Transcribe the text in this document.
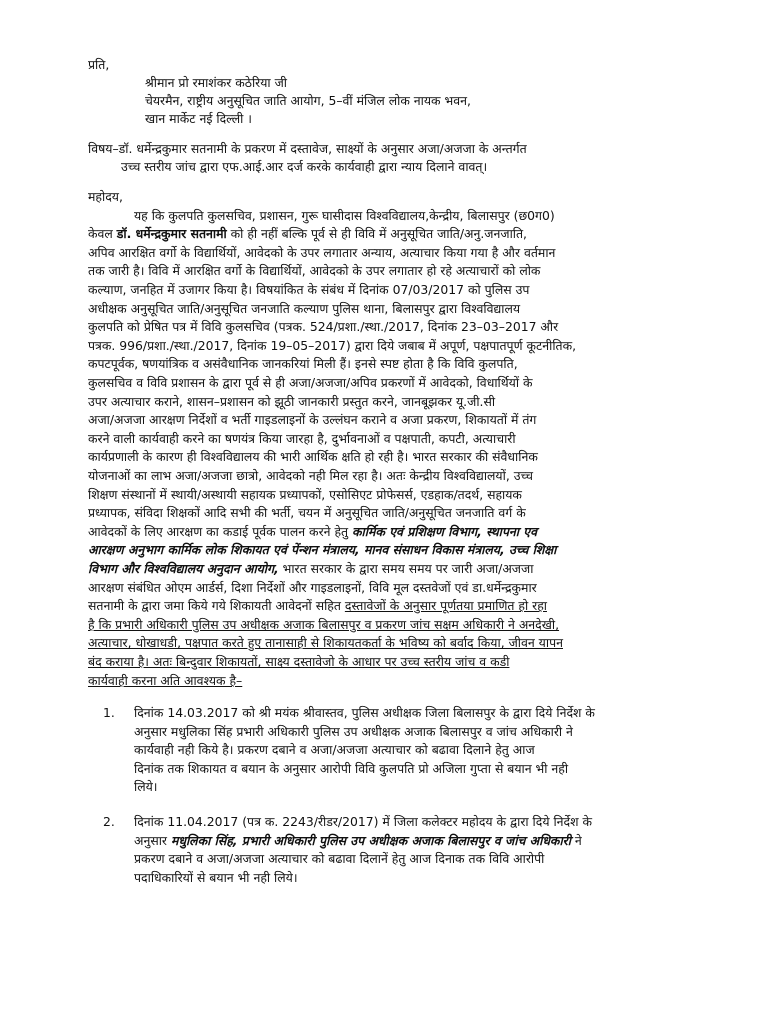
प्रति,
श्रीमान प्रो रमाशंकर कठेरिया जी
चेयरमैन, राष्ट्रीय अनुसूचित जाति आयोग, 5–वीं मंजिल लोक नायक भवन,
खान मार्केट नई दिल्ली ।
विषय–डॉ. धर्मेन्द्रकुमार सतनामी के प्रकरण में दस्तावेज, साक्ष्यों के अनुसार अजा/अजजा के अन्तर्गत
उच्च स्तरीय जांच द्वारा एफ.आई.आर दर्ज करके कार्यवाही द्वारा न्याय दिलाने वावत्।
महोदय,
यह कि कुलपति कुलसचिव, प्रशासन, गुरू घासीदास विश्वविद्यालय,केन्द्रीय, बिलासपुर (छ0ग0)
केवल डॉ. धर्मेन्द्रकुमार सतनामी को ही नहीं बल्कि पूर्व से ही विवि में अनुसूचित जाति/अनु.जनजाति,
अपिव आरक्षित वर्गो के विद्यार्थियों, आवेदको के उपर लगातार अन्याय, अत्याचार किया गया है और वर्तमान
तक जारी है। विवि में आरक्षित वर्गो के विद्यार्थियों, आवेदको के उपर लगातार हो रहे अत्याचारों को लोक
कल्याण, जनहित में उजागर किया है। विषयांकित के संबंध में दिनांक 07/03/2017 को पुलिस उप
अधीक्षक अनुसूचित जाति/अनुसूचित जनजाति कल्याण पुलिस थाना, बिलासपुर द्वारा विश्वविद्यालय
कुलपति को प्रेषित पत्र में विवि कुलसचिव (पत्रक. 524/प्रशा./स्था./2017, दिनांक 23–03–2017 और
पत्रक. 996/प्रशा./स्था./2017, दिनांक 19–05–2017) द्वारा दिये जबाब में अपूर्ण, पक्षपातपूर्ण कूटनीतिक,
कपटपूर्वक, षणयांत्रिक व असंवैधानिक जानकरियां मिली हैं। इनसे स्पष्ट होता है कि विवि कुलपति,
कुलसचिव व विवि प्रशासन के द्वारा पूर्व से ही अजा/अजजा/अपिव प्रकरणों में आवेदको, विधार्थियों के
उपर अत्याचार कराने, शासन–प्रशासन को झूठी जानकारी प्रस्तुत करने, जानबूझकर यू.जी.सी
अजा/अजजा आरक्षण निर्देशों व भर्ती गाइडलाइनों के उल्लंघन कराने व अजा प्रकरण, शिकायतों में तंग
करने वाली कार्यवाही करने का षणयंत्र किया जारहा है, दुर्भावनाओं व पक्षपाती, कपटी, अत्याचारी
कार्यप्रणाली के कारण ही विश्वविद्यालय की भारी आर्थिक क्षति हो रही है। भारत सरकार की संवैधानिक
योजनाओं का लाभ अजा/अजजा छात्रो, आवेदको नही मिल रहा है। अतः केन्द्रीय विश्वविद्यालयों, उच्च
शिक्षण संस्थानों में स्थायी/अस्थायी सहायक प्रध्यापकों, एसोसिएट प्रोफेसर्स, एडहाक/तदर्थ, सहायक
प्रध्यापक, संविदा शिक्षकों आदि सभी की भर्ती, चयन में अनुसूचित जाति/अनुसूचित जनजाति वर्ग के
आवेदकों के लिए आरक्षण का कडाई पूर्वक पालन करने हेतु कार्मिक एवं प्रशिक्षण विभाग, स्थापना एव
आरक्षण अनुभाग कार्मिक लोक शिकायत एवं पेंन्शन मंत्रालय, मानव संसाधन विकास मंत्रालय, उच्च शिक्षा
विभाग और विश्वविद्यालय अनुदान आयोग, भारत सरकार के द्वारा समय समय पर जारी अजा/अजजा
आरक्षण संबंधित ओएम आर्डर्स, दिशा निर्देशों और गाइडलाइनों, विवि मूल दस्तवेजों एवं डा.धर्मेन्द्रकुमार
सतनामी के द्वारा जमा किये गये शिकायती आवेदनों सहित दस्तावेजों के अनुसार पूर्णतया प्रमाणित हो रहा
है कि प्रभारी अधिकारी पुलिस उप अधीक्षक अजाक बिलासपुर व प्रकरण जांच सक्षम अधिकारी ने अनदेखी,
अत्याचार, धोखाधडी, पक्षपात करते हुए तानासाही से शिकायतकर्ता के भविष्य को बर्वाद किया, जीवन यापन
बंद कराया है। अतः बिन्दुवार शिकायतों, साक्ष्य दस्तावेजो के आधार पर उच्च स्तरीय जांच व कडी
कार्यवाही करना अति आवश्यक है–
1. दिनांक 14.03.2017 को श्री मयंक श्रीवास्तव, पुलिस अधीक्षक जिला बिलासपुर के द्वारा दिये निर्देश के
अनुसार मधुलिका सिंह प्रभारी अधिकारी पुलिस उप अधीक्षक अजाक बिलासपुर व जांच अधिकारी ने
कार्यवाही नही किये है। प्रकरण दबाने व अजा/अजजा अत्याचार को बढावा दिलाने हेतु आज
दिनांक तक शिकायत व बयान के अनुसार आरोपी विवि कुलपति प्रो अजिला गुप्ता से बयान भी नही
लिये।
2. दिनांक 11.04.2017 (पत्र क. 2243/रीडर/2017) में जिला कलेक्टर महोदय के द्वारा दिये निर्देश के
अनुसार मधुलिका सिंह, प्रभारी अधिकारी पुलिस उप अधीक्षक अजाक बिलासपुर व जांच अधिकारी ने
प्रकरण दबाने व अजा/अजजा अत्याचार को बढावा दिलानें हेतु आज दिनाक तक विवि आरोपी
पदाधिकारियों से बयान भी नही लिये।
